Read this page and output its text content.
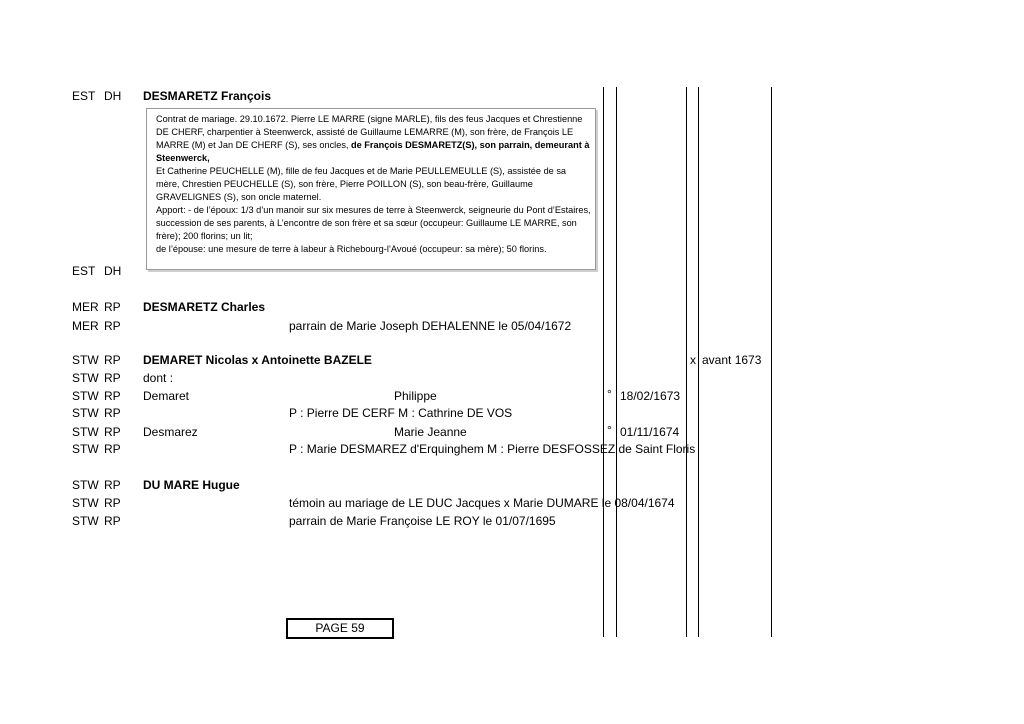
EST DH DESMARETZ François

Contrat de mariage. 29.10.1672. Pierre LE MARRE (signe MARLE), fils des feus Jacques et Chrestienne DE CHERF, charpentier à Steenwerck, assisté de Guillaume LEMARRE (M), son frère, de François LE MARRE (M) et Jan DE CHERF (S), ses oncles, de François DESMARETZ(S), son parrain, demeurant à Steenwerck,
Et Catherine PEUCHELLE (M), fille de feu Jacques et de Marie PEULLEMEULLE (S), assistée de sa mère, Chrestien PEUCHELLE (S), son frère, Pierre POILLON (S), son beau-frère, Guillaume GRAVELIGNES (S), son oncle maternel.
Apport: - de l’époux: 1/3 d’un manoir sur six mesures de terre à Steenwerck, seigneurie du Pont d’Estaires, succession de ses parents, à L’encontre de son frère et sa sœur (occupeur: Guillaume LE MARRE, son frère); 200 florins; un lit;
de l’épouse: une mesure de terre à labeur à Richebourg-l’Avoué (occupeur: sa mère); 50 florins.

EST DH
MER RP DESMARETZ Charles
MER RP	parrain de Marie Joseph DEHALENNE le 05/04/1672
STW RP DEMARET Nicolas x Antoinette BAZELE	x avant 1673
STW RP dont :
STW RP Demaret	Philippe	° 18/02/1673
STW RP	P : Pierre DE CERF M : Cathrine DE VOS
STW RP Desmarez	Marie Jeanne	° 01/11/1674
STW RP	P : Marie DESMAREZ d'Erquinghem M : Pierre DESFOSSEZ de Saint Floris
STW RP DU MARE Hugue
STW RP	témoin au mariage de LE DUC Jacques x Marie DUMARE le 08/04/1674
STW RP	parrain de Marie Françoise LE ROY le 01/07/1695
PAGE 59
